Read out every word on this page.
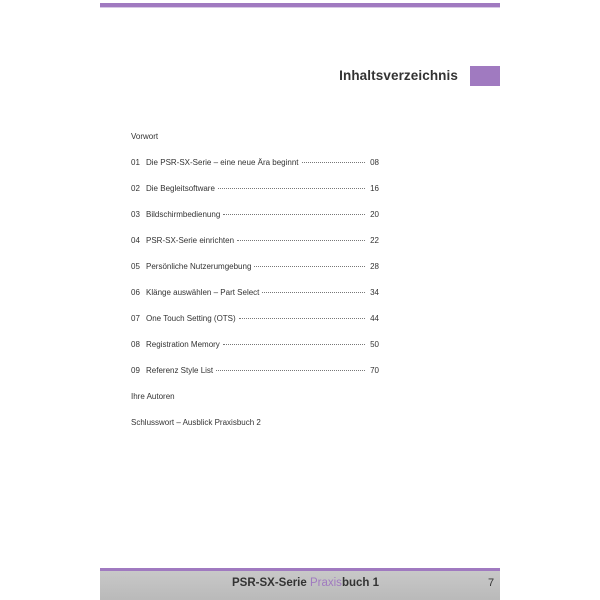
Inhaltsverzeichnis
Vorwort
01 Die PSR-SX-Serie – eine neue Ära beginnt	08
02 Die Begleitsoftware	16
03 Bildschirmbedienung	20
04 PSR-SX-Serie einrichten	22
05 Persönliche Nutzerumgebung	28
06 Klänge auswählen – Part Select	34
07 One Touch Setting (OTS)	44
08 Registration Memory	50
09 Referenz Style List	70
Ihre Autoren
Schlusswort – Ausblick Praxisbuch 2
PSR-SX-Serie Praxisbuch 1	7
